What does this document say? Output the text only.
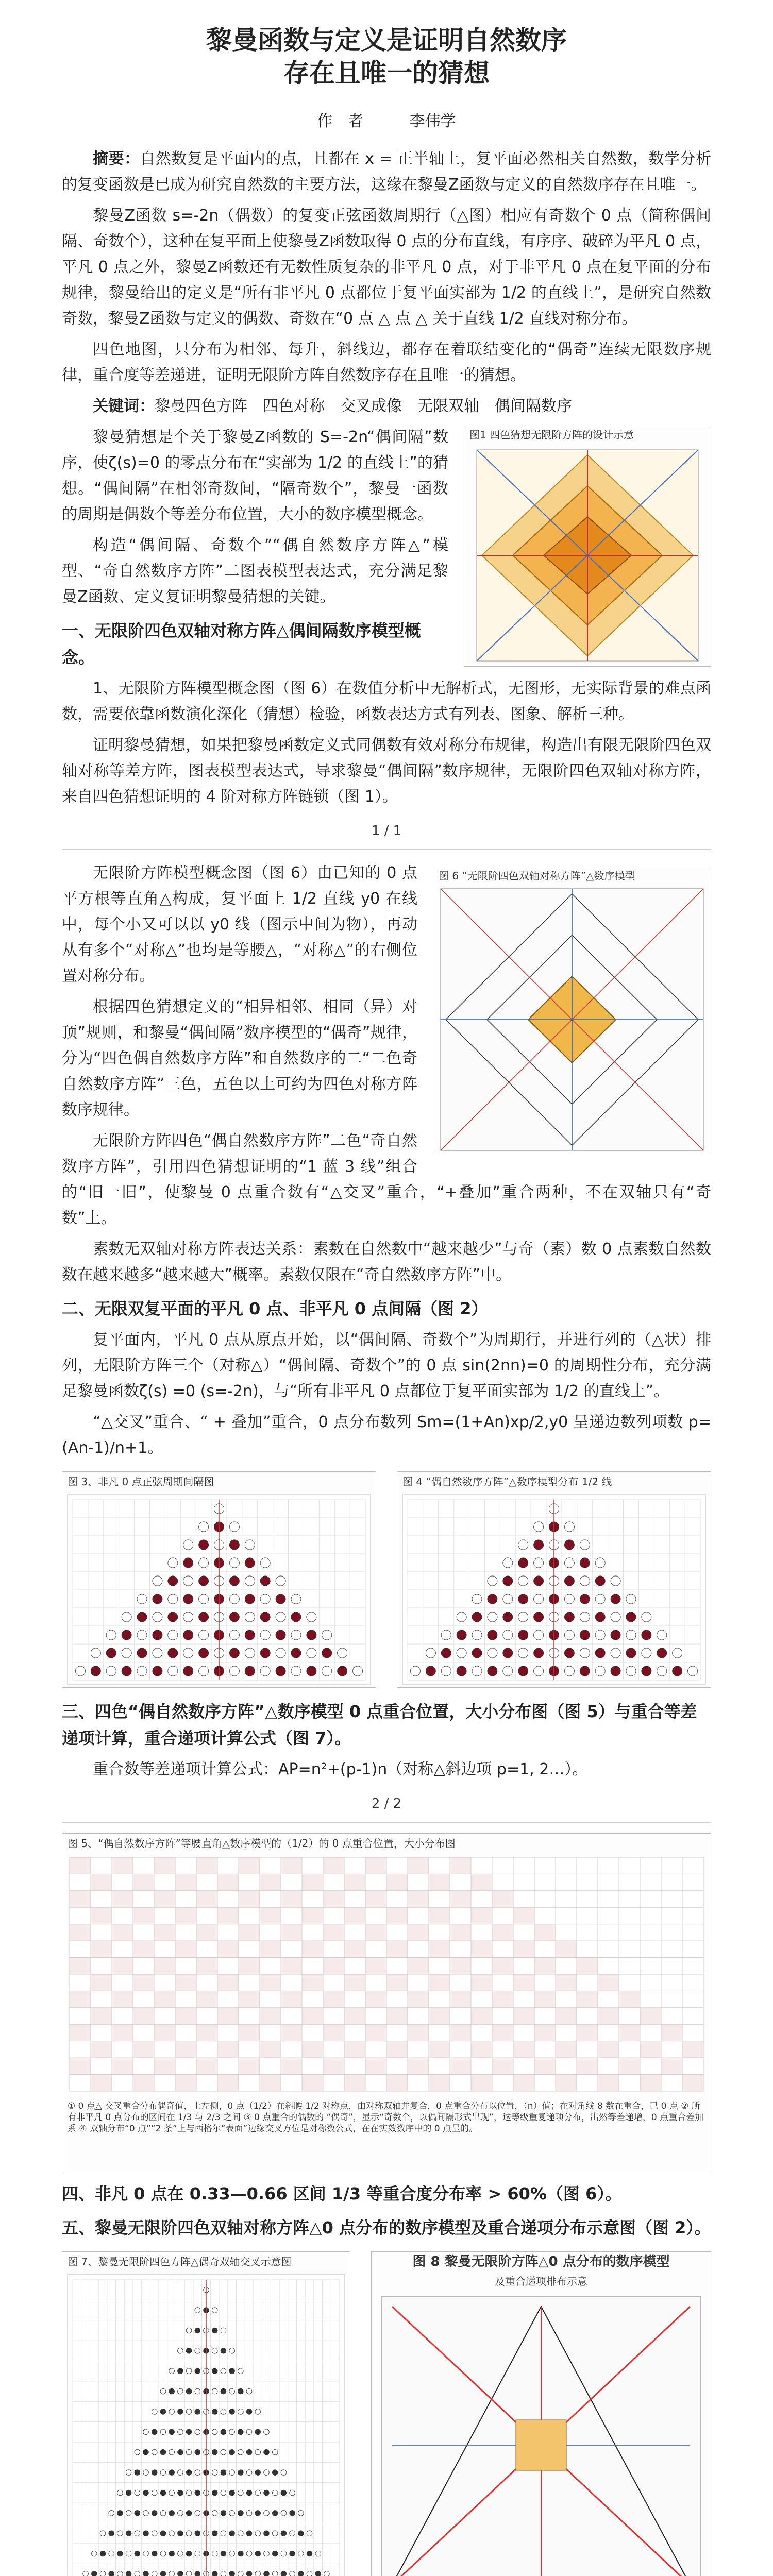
黎曼函数与定义是证明自然数序
存在且唯一的猜想
作　者	李伟学

摘要：自然数复是平面内的点，且都在 x = 正半轴上，复平面必然相关自然数，数学分析的复变函数是已成为研究自然数的主要方法，这缘在黎曼Ζ函数与定义的自然数序存在且唯一。

黎曼Ζ函数 s=-2n（偶数）的复变正弦函数周期行（△图）相应有奇数个 0 点（简称偶间隔、奇数个），这种在复平面上使黎曼Ζ函数取得 0 点的分布直线，有序序、破碎为平凡 0 点，平凡 0 点之外，黎曼Ζ函数还有无数性质复杂的非平凡 0 点，对于非平凡 0 点在复平面的分布规律，黎曼给出的定义是“所有非平凡 0 点都位于复平面实部为 1/2 的直线上”，是研究自然数奇数，黎曼Ζ函数与定义的偶数、奇数在“0 点 △ 点 △ 关于直线 1/2 直线对称分布。

四色地图，只分布为相邻、每升，斜线边，都存在着联结变化的“偶奇”连续无限数序规律，重合度等差递进，证明无限阶方阵自然数序存在且唯一的猜想。

关键词：黎曼四色方阵　四色对称　交叉成像　无限双轴　偶间隔数序

图1 四色猜想无限阶方阵的设计示意

黎曼猜想是个关于黎曼Ζ函数的 S=-2n“偶间隔”数序，使ζ(s)=0 的零点分布在“实部为 1/2 的直线上”的猜想。“偶间隔”在相邻奇数间，“隔奇数个”，黎曼一函数的周期是偶数个等差分布位置，大小的数序模型概念。

构造“偶间隔、奇数个”“偶自然数序方阵△”模型、“奇自然数序方阵”二图表模型表达式，充分满足黎曼Ζ函数、定义复证明黎曼猜想的关键。

一、无限阶四色双轴对称方阵△偶间隔数序模型概念。

1、无限阶方阵模型概念图（图 6）在数值分析中无解析式，无图形，无实际背景的难点函数，需要依靠函数演化深化（猜想）检验，函数表达方式有列表、图象、解析三种。

证明黎曼猜想，如果把黎曼函数定义式同偶数有效对称分布规律，构造出有限无限阶四色双轴对称等差方阵，图表模型表达式，导求黎曼“偶间隔”数序规律，无限阶四色双轴对称方阵，来自四色猜想证明的 4 阶对称方阵链锁（图 1）。

1 / 1
图 6 “无限阶四色双轴对称方阵”△数序模型

无限阶方阵模型概念图（图 6）由已知的 0 点平方根等直角△构成，复平面上 1/2 直线 y0 在线中，每个小又可以以 y0 线（图示中间为物），再动从有多个“对称△”也均是等腰△，“对称△”的右侧位置对称分布。

根据四色猜想定义的“相异相邻、相同（异）对顶”规则，和黎曼“偶间隔”数序模型的“偶奇”规律，分为“四色偶自然数序方阵”和自然数序的二“二色奇自然数序方阵”三色，五色以上可约为四色对称方阵数序规律。

无限阶方阵四色“偶自然数序方阵”二色“奇自然数序方阵”，引用四色猜想证明的“1 蓝 3 线”组合的“旧一旧”，使黎曼 0 点重合数有“△交叉”重合，“+叠加”重合两种，不在双轴只有“奇数”上。

素数无双轴对称方阵表达关系：素数在自然数中“越来越少”与奇（素）数 0 点素数自然数数在越来越多“越来越大”概率。素数仅限在“奇自然数序方阵”中。

二、无限双复平面的平凡 0 点、非平凡 0 点间隔（图 2）

复平面内，平凡 0 点从原点开始，以“偶间隔、奇数个”为周期行，并进行列的（△状）排列，无限阶方阵三个（对称△）“偶间隔、奇数个”的 0 点 sin(2nn)=0 的周期性分布，充分满足黎曼函数ζ(s) =0 (s=-2n)，与“所有非平凡 0 点都位于复平面实部为 1/2 的直线上”。

“△交叉”重合、“ + 叠加”重合，0 点分布数列 Sm=(1+An)xp/2,y0 呈递边数列项数 p=(An-1)/n+1。

图 3、非凡 0 点正弦周期间隔图	图 4 “偶自然数序方阵”△数序模型分布 1/2 线
三、四色“偶自然数序方阵”△数序模型 0 点重合位置，大小分布图（图 5）与重合等差递项计算，重合递项计算公式（图 7）。

重合数等差递项计算公式：AP=n²+(p-1)n（对称△斜边项 p=1, 2…）。

2 / 2
图 5、“偶自然数序方阵”等腰直角△数序模型的（1/2）的 0 点重合位置，大小分布图
① 0 点△ 交叉重合分布偶奇值，上左侧，0 点（1/2）在斜腰 1/2 对称点，由对称双轴并复合，0 点重合分布以位置，（n）值；在对角线 8 数在重合，已 0 点 ② 所有非平凡 0 点分布的区间在 1/3 与 2/3 之间 ③ 0 点重合的偶数的 “偶奇”，显示“奇数个，以偶间隔形式出现”，这等级重复递项分布，出然等差递增，0 点重合差加系 ④ 双轴分布“0 点”“2 条”上与西格尔“表面”边缘交叉方位是对称数公式，在在实效数序中的 0 点呈的。
四、非凡 0 点在 0.33—0.66 区间 1/3 等重合度分布率 > 60%（图 6）。
五、黎曼无限阶四色双轴对称方阵△0 点分布的数序模型及重合递项分布示意图（图 2）。
图 7、黎曼无限阶四色方阵△偶奇双轴交叉示意图	图 8 黎曼无限阶方阵△0 点分布的数序模型
及重合递项排布示意
